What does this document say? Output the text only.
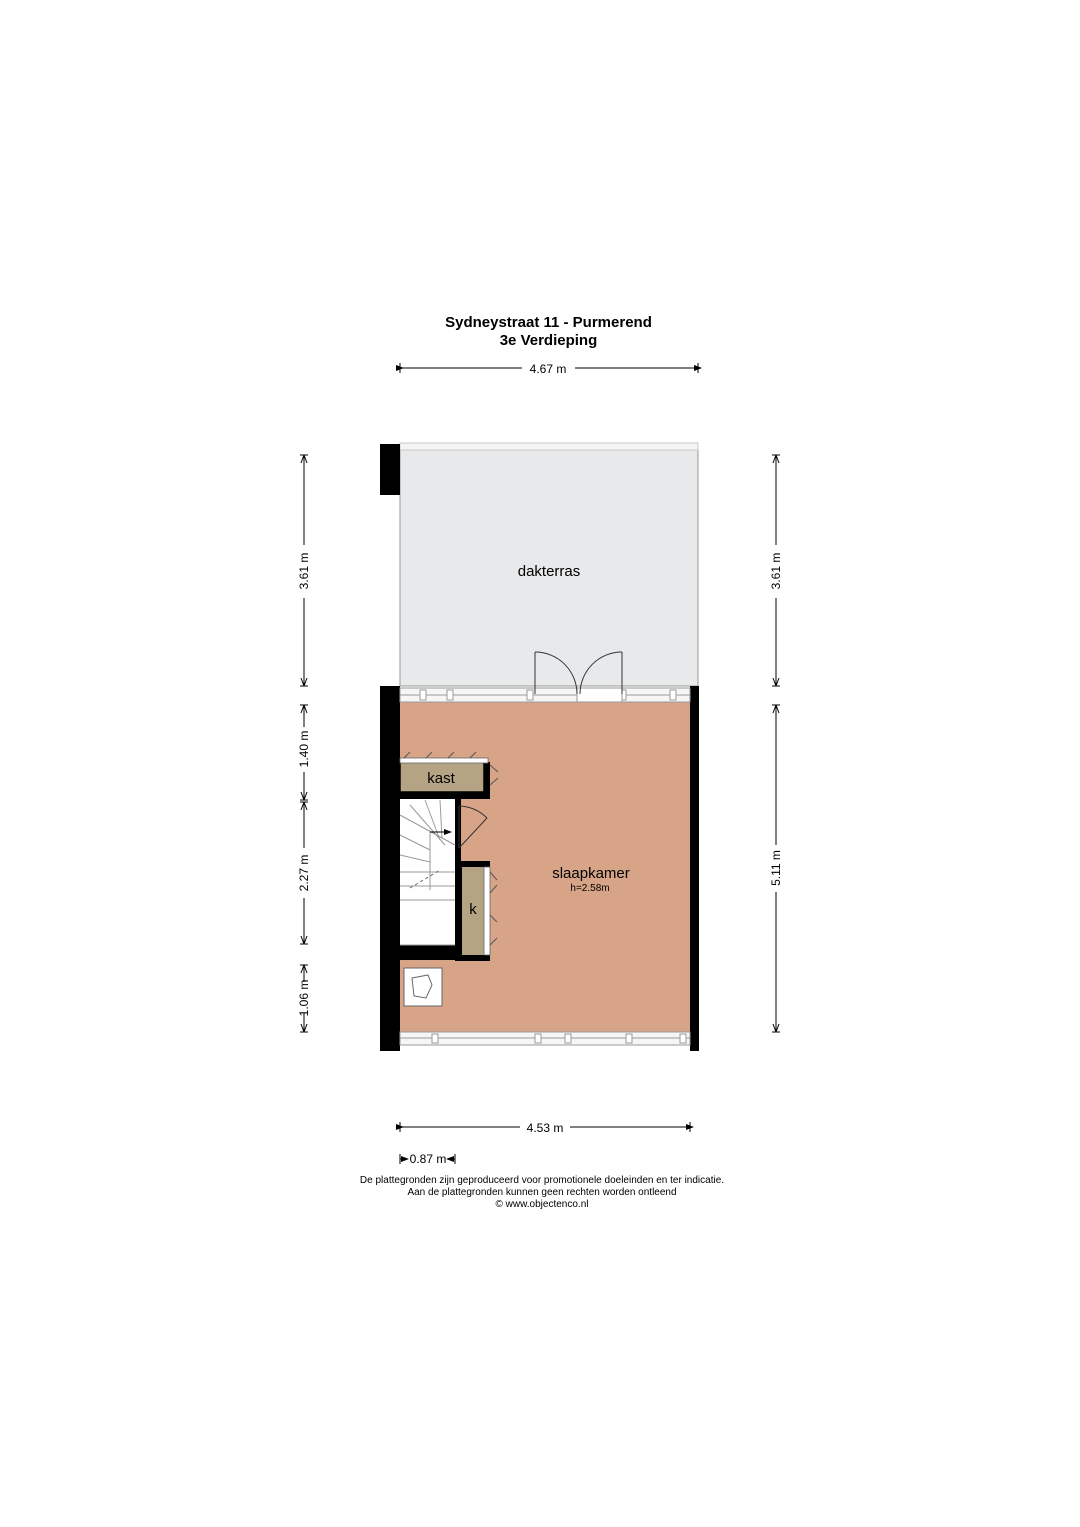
Sydneystraat 11 - Purmerend
3e Verdieping
dakterras
slaapkamer
h=2.58m
kast
k
4.67 m
3.61 m
1.40 m
2.27 m
1.06 m
3.61 m
5.11 m
4.53 m
0.87 m
De plattegronden zijn geproduceerd voor promotionele doeleinden en ter indicatie.
Aan de plattegronden kunnen geen rechten worden ontleend
© www.objectenco.nl
